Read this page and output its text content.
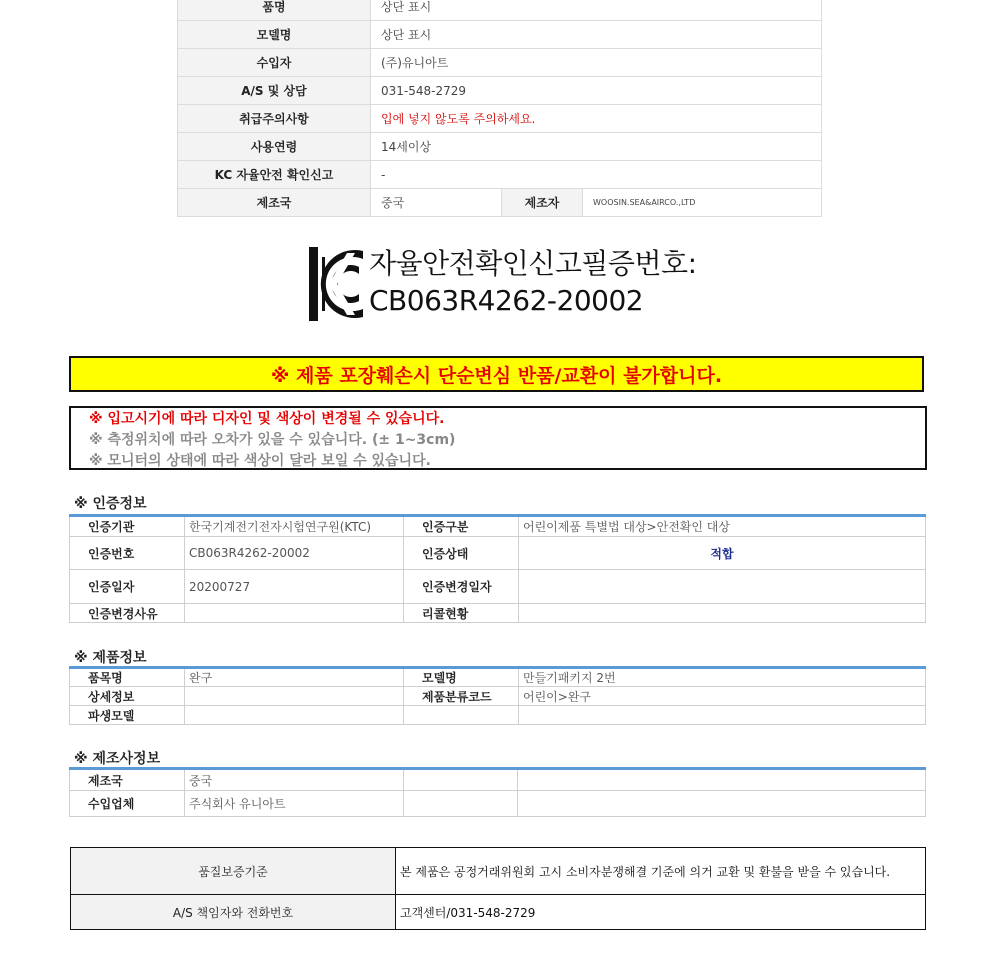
품명	상단 표시		
모델명	상단 표시		
수입자	(주)유니아트		
A/S 및 상담	031-548-2729		
취급주의사항	입에 넣지 않도록 주의하세요.		
사용연령	14세이상		
KC 자율안전 확인신고	-		
제조국	중국	제조자	WOOSIN.SEA&AIRCO.,LTD
자율안전확인신고필증번호:
CB063R4262-20002
※ 제품 포장훼손시 단순변심 반품/교환이 불가합니다.
※ 입고시기에 따라 디자인 및 색상이 변경될 수 있습니다.
※ 측정위치에 따라 오차가 있을 수 있습니다. (± 1~3cm)
※ 모니터의 상태에 따라 색상이 달라 보일 수 있습니다.
※ 인증정보
인증기관	한국기계전기전자시험연구원(KTC)	인증구분	어린이제품 특별법 대상>안전확인 대상
인증번호	CB063R4262-20002	인증상태	적합
인증일자	20200727	인증변경일자	
인증변경사유		리콜현황	
※ 제품정보
품목명	완구	모델명	만들기패키지 2번
상세정보		제품분류코드	어린이>완구
파생모델			
※ 제조사정보
제조국	중국		
수입업체	주식회사 유니아트		
품질보증기준	본 제품은 공정거래위원회 고시 소비자분쟁해결 기준에 의거 교환 및 환불을 받을 수 있습니다.
A/S 책임자와 전화번호	고객센터/031-548-2729
